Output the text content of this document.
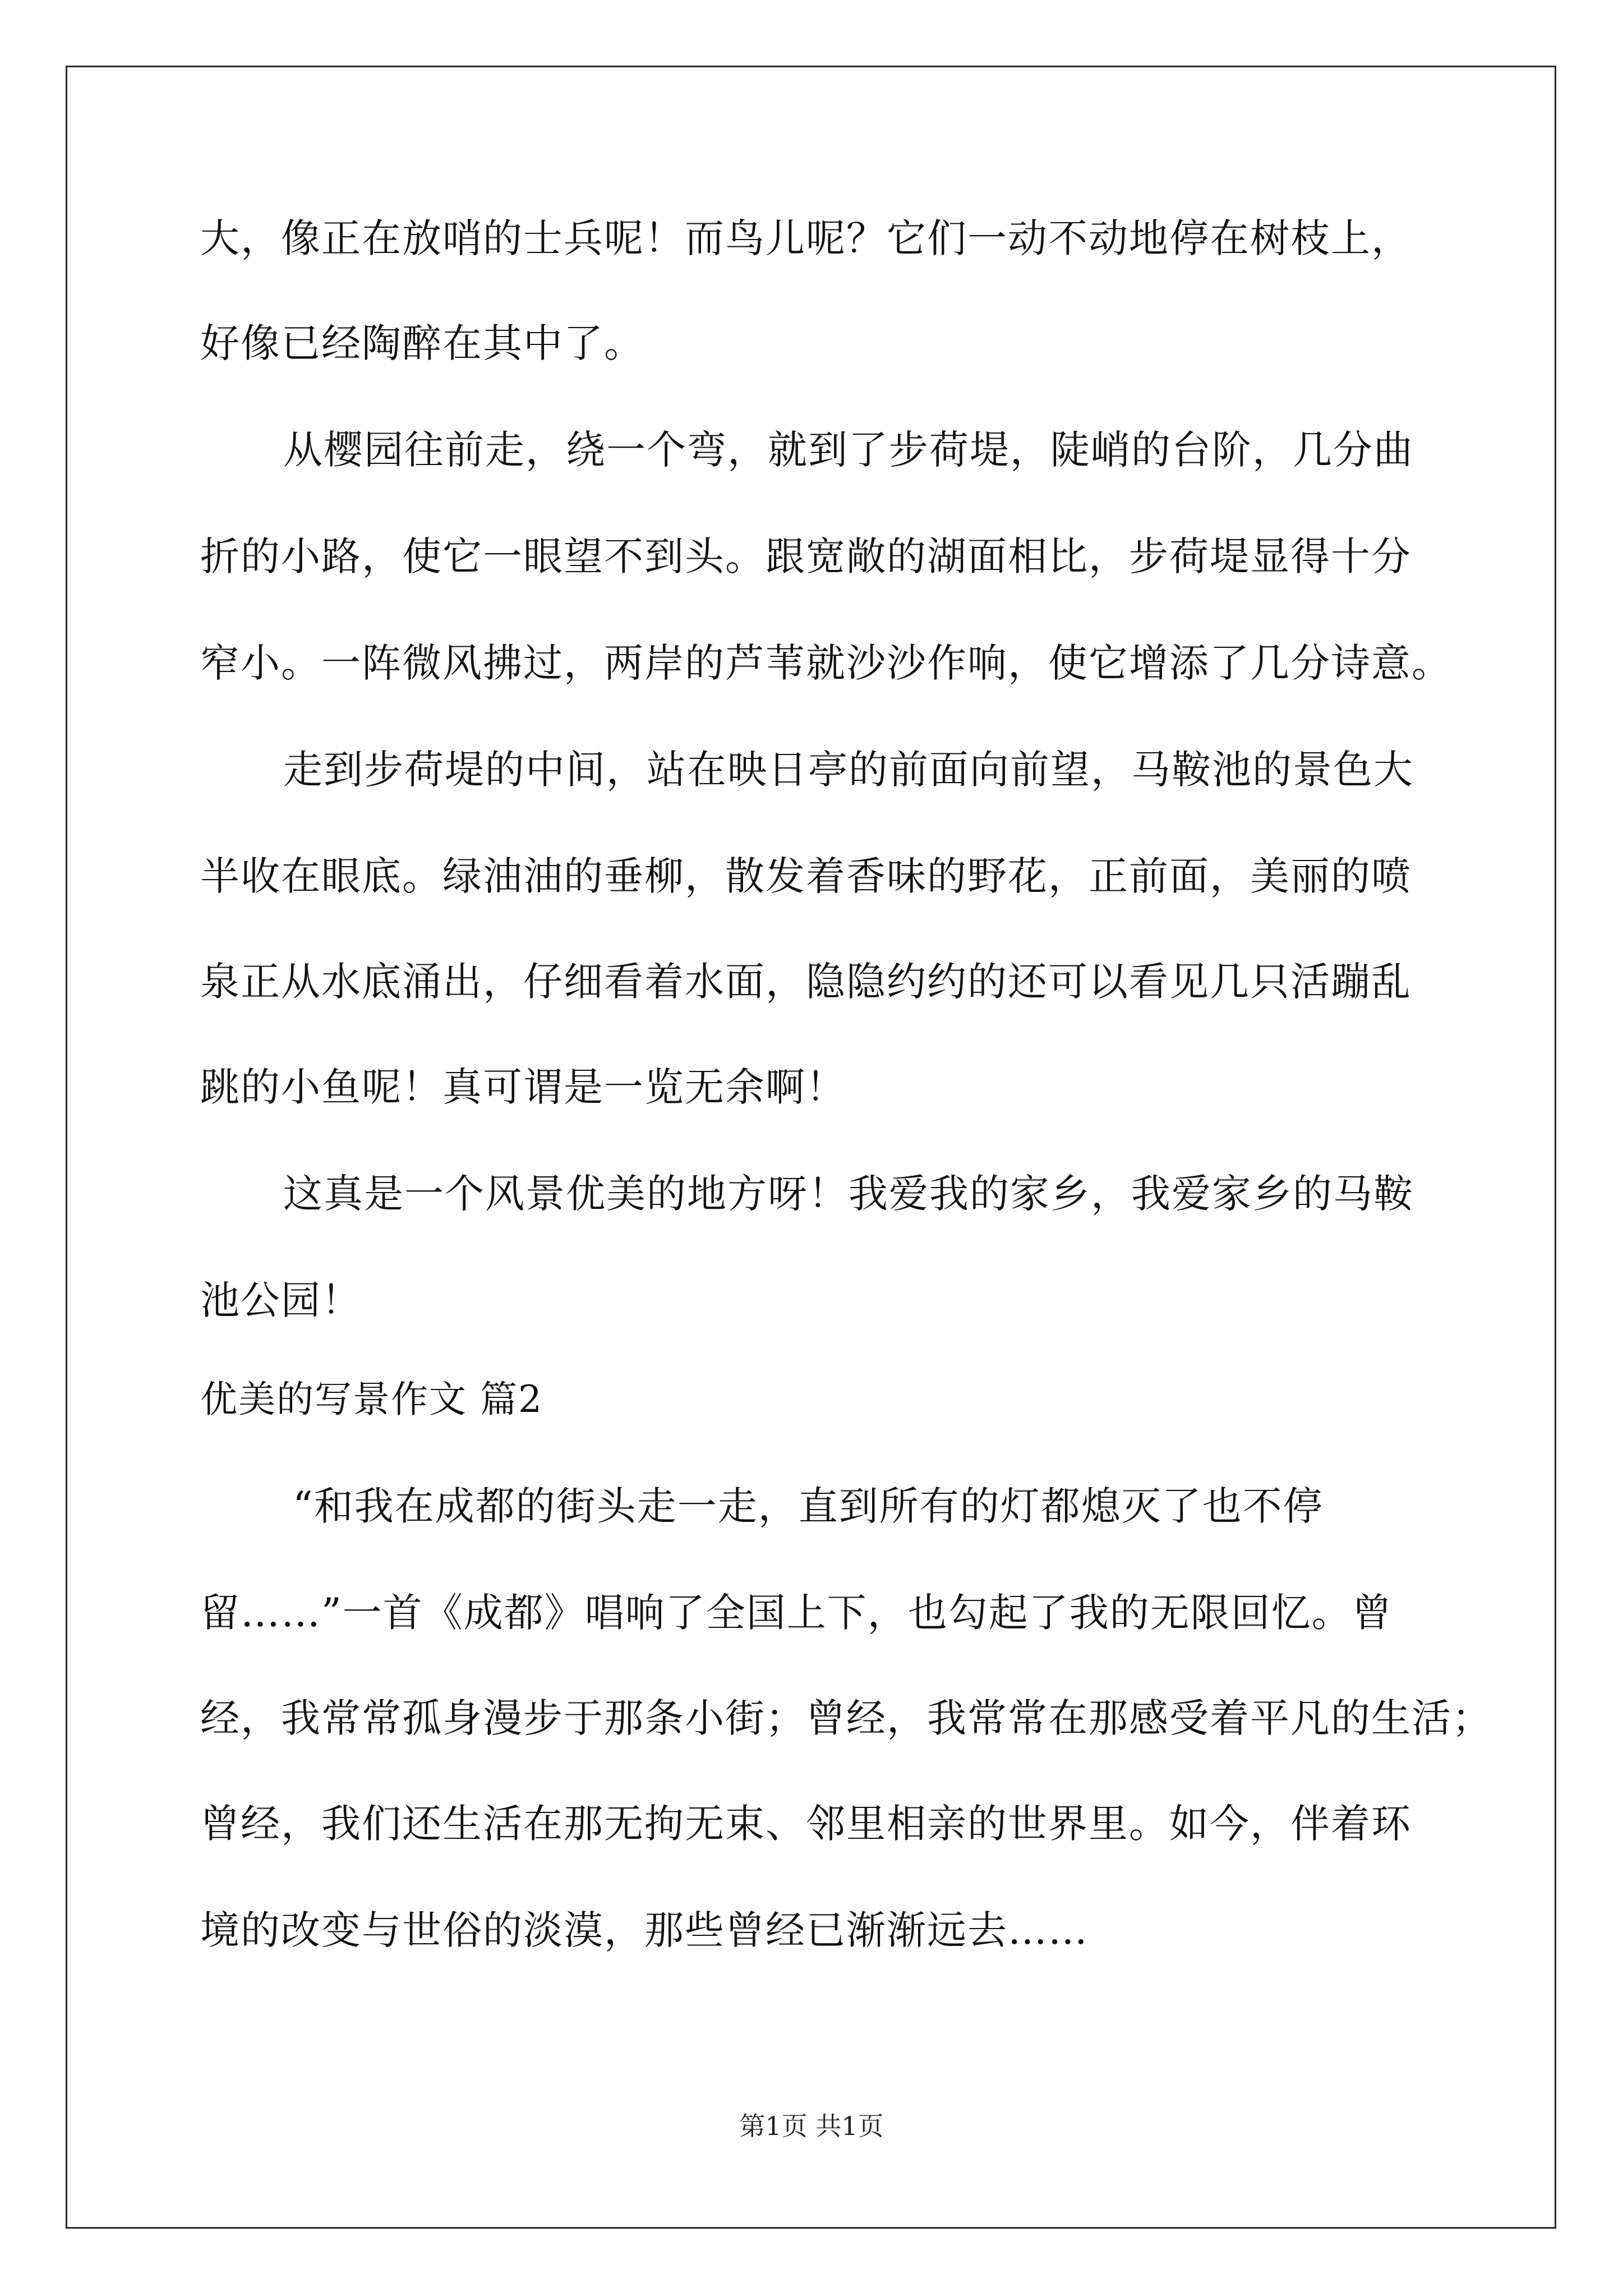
大，像正在放哨的士兵呢！而鸟儿呢？它们一动不动地停在树枝上，
好像已经陶醉在其中了。
从樱园往前走，绕一个弯，就到了步荷堤，陡峭的台阶，几分曲
折的小路，使它一眼望不到头。跟宽敞的湖面相比，步荷堤显得十分
窄小。一阵微风拂过，两岸的芦苇就沙沙作响，使它增添了几分诗意。
走到步荷堤的中间，站在映日亭的前面向前望，马鞍池的景色大
半收在眼底。绿油油的垂柳，散发着香味的野花，正前面，美丽的喷
泉正从水底涌出，仔细看着水面，隐隐约约的还可以看见几只活蹦乱
跳的小鱼呢！真可谓是一览无余啊！
这真是一个风景优美的地方呀！我爱我的家乡，我爱家乡的马鞍
池公园！
优美的写景作文 篇2
“和我在成都的街头走一走，直到所有的灯都熄灭了也不停
留……”一首《成都》唱响了全国上下，也勾起了我的无限回忆。曾
经，我常常孤身漫步于那条小街；曾经，我常常在那感受着平凡的生活；
曾经，我们还生活在那无拘无束、邻里相亲的世界里。如今，伴着环
境的改变与世俗的淡漠，那些曾经已渐渐远去……
第1页 共1页
